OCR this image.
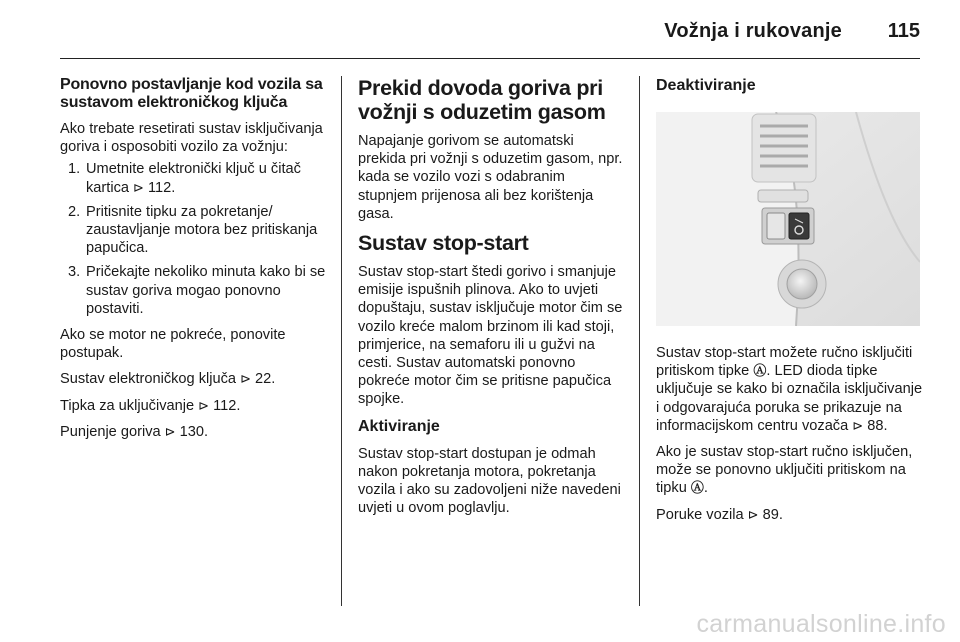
Vožnja i rukovanje 115

Ponovno postavljanje kod vozila sa sustavom elektroničkog ključa

Ako trebate resetirati sustav isključivanja goriva i osposobiti vozilo za vožnju:

1. Umetnite elektronički ključ u čitač kartica ⊳ 112.
2. Pritisnite tipku za pokretanje/ zaustavljanje motora bez pritiskanja papučica.
3. Pričekajte nekoliko minuta kako bi se sustav goriva mogao ponovno postaviti.

Ako se motor ne pokreće, ponovite postupak.

Sustav elektroničkog ključa ⊳ 22.

Tipka za uključivanje ⊳ 112.

Punjenje goriva ⊳ 130.

Prekid dovoda goriva pri vožnji s oduzetim gasom

Napajanje gorivom se automatski prekida pri vožnji s oduzetim gasom, npr. kada se vozilo vozi s odabranim stupnjem prijenosa ali bez korištenja gasa.

Sustav stop-start

Sustav stop-start štedi gorivo i smanjuje emisije ispušnih plinova. Ako to uvjeti dopuštaju, sustav isključuje motor čim se vozilo kreće malom brzinom ili kad stoji, primjerice, na semaforu ili u gužvi na cesti. Sustav automatski ponovno pokreće motor čim se pritisne papučica spojke.

Aktiviranje

Sustav stop-start dostupan je odmah nakon pokretanja motora, pokretanja vozila i ako su zadovoljeni niže navedeni uvjeti u ovom poglavlju.

Deaktiviranje

Sustav stop-start možete ručno isključiti pritiskom tipke Ⓐ. LED dioda tipke uključuje se kako bi označila isključivanje i odgovarajuća poruka se prikazuje na informacijskom centru vozača ⊳ 88.

Ako je sustav stop-start ručno isključen, može se ponovno uključiti pritiskom na tipku Ⓐ.

Poruke vozila ⊳ 89.

carmanualsonline.info
